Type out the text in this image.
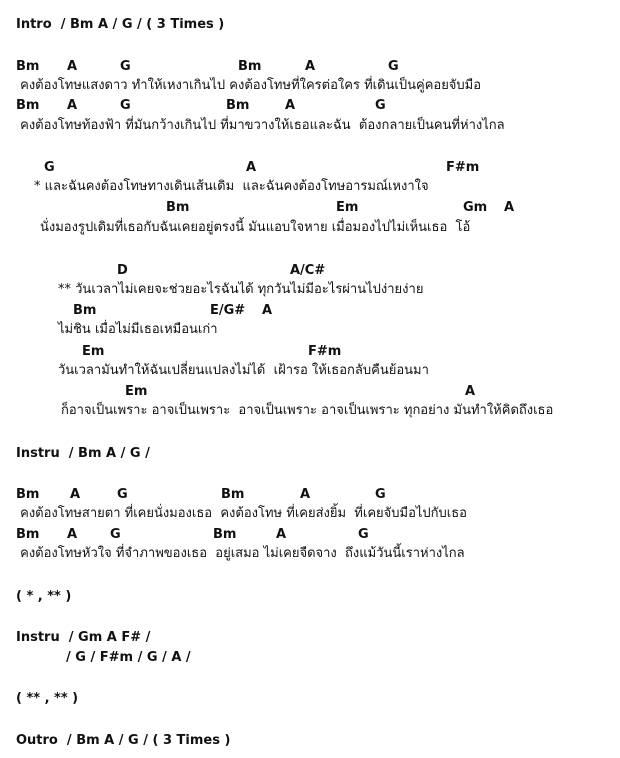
Intro  / Bm A / G / ( 3 Times )
Bm A	G	Bm	A	G
คงต้องโทษแสงดาว ทำให้เหงาเกินไป คงต้องโทษที่ใครต่อใคร ที่เดินเป็นคู่คอยจับมือ
Bm A	G	Bm	A	G
คงต้องโทษท้องฟ้า ที่มันกว้างเกินไป ที่มาขวางให้เธอและฉัน  ต้องกลายเป็นคนที่ห่างไกล
G	A	F#m
* และฉันคงต้องโทษทางเดินเส้นเดิม  และฉันคงต้องโทษอารมณ์เหงาใจ
Bm	Em	Gm A
นั่งมองรูปเดิมที่เธอกับฉันเคยอยู่ตรงนี้ มันแอบใจหาย เมื่อมองไปไม่เห็นเธอ  โอ้
D	A/C#
** วันเวลาไม่เคยจะช่วยอะไรฉันได้ ทุกวันไม่มีอะไรผ่านไปง่ายง่าย
Bm	E/G# A
ไม่ชิน เมื่อไม่มีเธอเหมือนเก่า
Em	F#m
วันเวลามันทำให้ฉันเปลี่ยนแปลงไม่ได้  เฝ้ารอ ให้เธอกลับคืนย้อนมา
Em	A
ก็อาจเป็นเพราะ อาจเป็นเพราะ  อาจเป็นเพราะ อาจเป็นเพราะ ทุกอย่าง มันทำให้คิดถึงเธอ
Instru  / Bm A / G /
Bm A	G	Bm	A	G
คงต้องโทษสายตา ที่เคยนั่งมองเธอ  คงต้องโทษ ที่เคยส่งยิ้ม  ที่เคยจับมือไปกับเธอ
Bm A	G	Bm	A	G
คงต้องโทษหัวใจ ที่จำภาพของเธอ  อยู่เสมอ ไม่เคยจืดจาง  ถึงแม้วันนี้เราห่างไกล
( * , ** )
Instru  / Gm A F# /
/ G / F#m / G / A /
( ** , ** )
Outro  / Bm A / G / ( 3 Times )
